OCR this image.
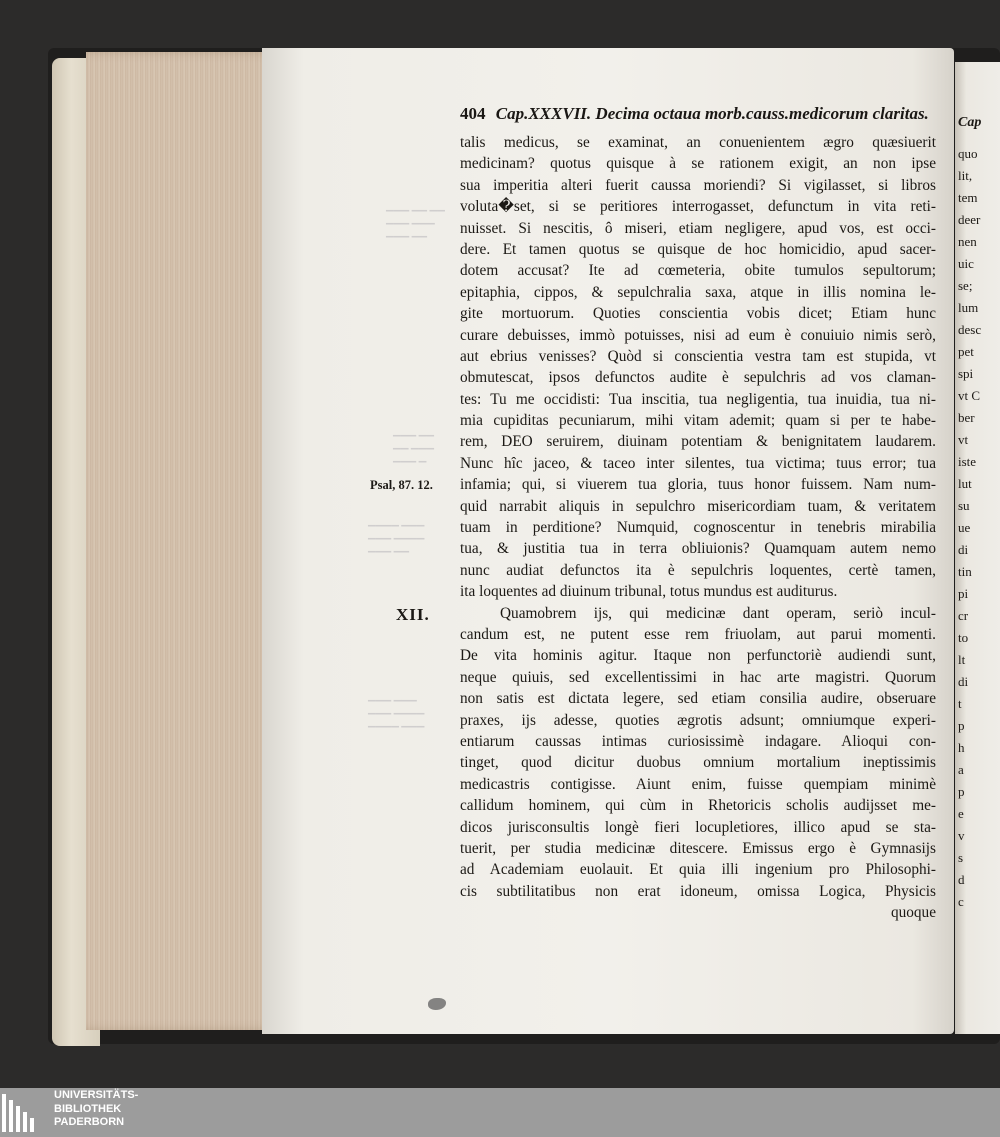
▁▁▁ ▁▁ ▁▁
▁▁▁ ▁▁▁
▁▁▁ ▁▁
▁▁▁ ▁▁
▁▁ ▁▁▁
▁▁▁ ▁
▁▁▁▁ ▁▁▁
▁▁▁ ▁▁▁▁
▁▁▁ ▁▁
▁▁▁ ▁▁▁
▁▁▁ ▁▁▁▁
▁▁▁▁ ▁▁▁
Cap
quo
lit,
tem
deer
nen
uic
se;
lum
desc
pet
spi
vt C
ber
vt
iste
lut
su
ue
di
tin
pi
cr
to
lt
di
t
p
h
a
p
e
v
s
d
c
404 Cap.XXXVII. Decima octaua morb.causs.medicorum claritas.
talis medicus, se examinat, an conuenientem ægro quæsiuerit
medicinam? quotus quisque à se rationem exigit, an non ipse
sua imperitia alteri fuerit caussa moriendi? Si vigilasset, si libros
voluta�set, si se peritiores interrogasset, defunctum in vita reti-
nuisset. Si nescitis, ô miseri, etiam negligere, apud vos, est occi-
dere. Et tamen quotus se quisque de hoc homicidio, apud sacer-
dotem accusat? Ite ad cœmeteria, obite tumulos sepultorum;
epitaphia, cippos, & sepulchralia saxa, atque in illis nomina le-
gite mortuorum. Quoties conscientia vobis dicet; Etiam hunc
curare debuisses, immò potuisses, nisi ad eum è conuiuio nimis serò,
aut ebrius venisses? Quòd si conscientia vestra tam est stupida, vt
obmutescat, ipsos defunctos audite è sepulchris ad vos claman-
tes: Tu me occidisti: Tua inscitia, tua negligentia, tua inuidia, tua ni-
mia cupiditas pecuniarum, mihi vitam ademit; quam si per te habe-
rem, DEO seruirem, diuinam potentiam & benignitatem laudarem.
Nunc hîc jaceo, & taceo inter silentes, tua victima; tuus error; tua
infamia; qui, si viuerem tua gloria, tuus honor fuissem. Nam num-
quid narrabit aliquis in sepulchro misericordiam tuam, & veritatem
tuam in perditione? Numquid, cognoscentur in tenebris mirabilia
tua, & justitia tua in terra obliuionis? Quamquam autem nemo
nunc audiat defunctos ita è sepulchris loquentes, certè tamen,
ita loquentes ad diuinum tribunal, totus mundus est auditurus.
Quamobrem ijs, qui medicinæ dant operam, seriò incul-
candum est, ne putent esse rem friuolam, aut parui momenti.
De vita hominis agitur. Itaque non perfunctoriè audiendi sunt,
neque quiuis, sed excellentissimi in hac arte magistri. Quorum
non satis est dictata legere, sed etiam consilia audire, obseruare
praxes, ijs adesse, quoties ægrotis adsunt; omniumque experi-
entiarum caussas intimas curiosissimè indagare. Alioqui con-
tinget, quod dicitur duobus omnium mortalium ineptissimis
medicastris contigisse. Aiunt enim, fuisse quempiam minimè
callidum hominem, qui cùm in Rhetoricis scholis audijsset me-
dicos jurisconsultis longè fieri locupletiores, illico apud se sta-
tuerit, per studia medicinæ ditescere. Emissus ergo è Gymnasijs
ad Academiam euolauit. Et quia illi ingenium pro Philosophi-
cis subtilitatibus non erat idoneum, omissa Logica, Physicis
quoque
Psal, 87. 12.
XII.
UNIVERSITÄTS-
BIBLIOTHEK
PADERBORN
